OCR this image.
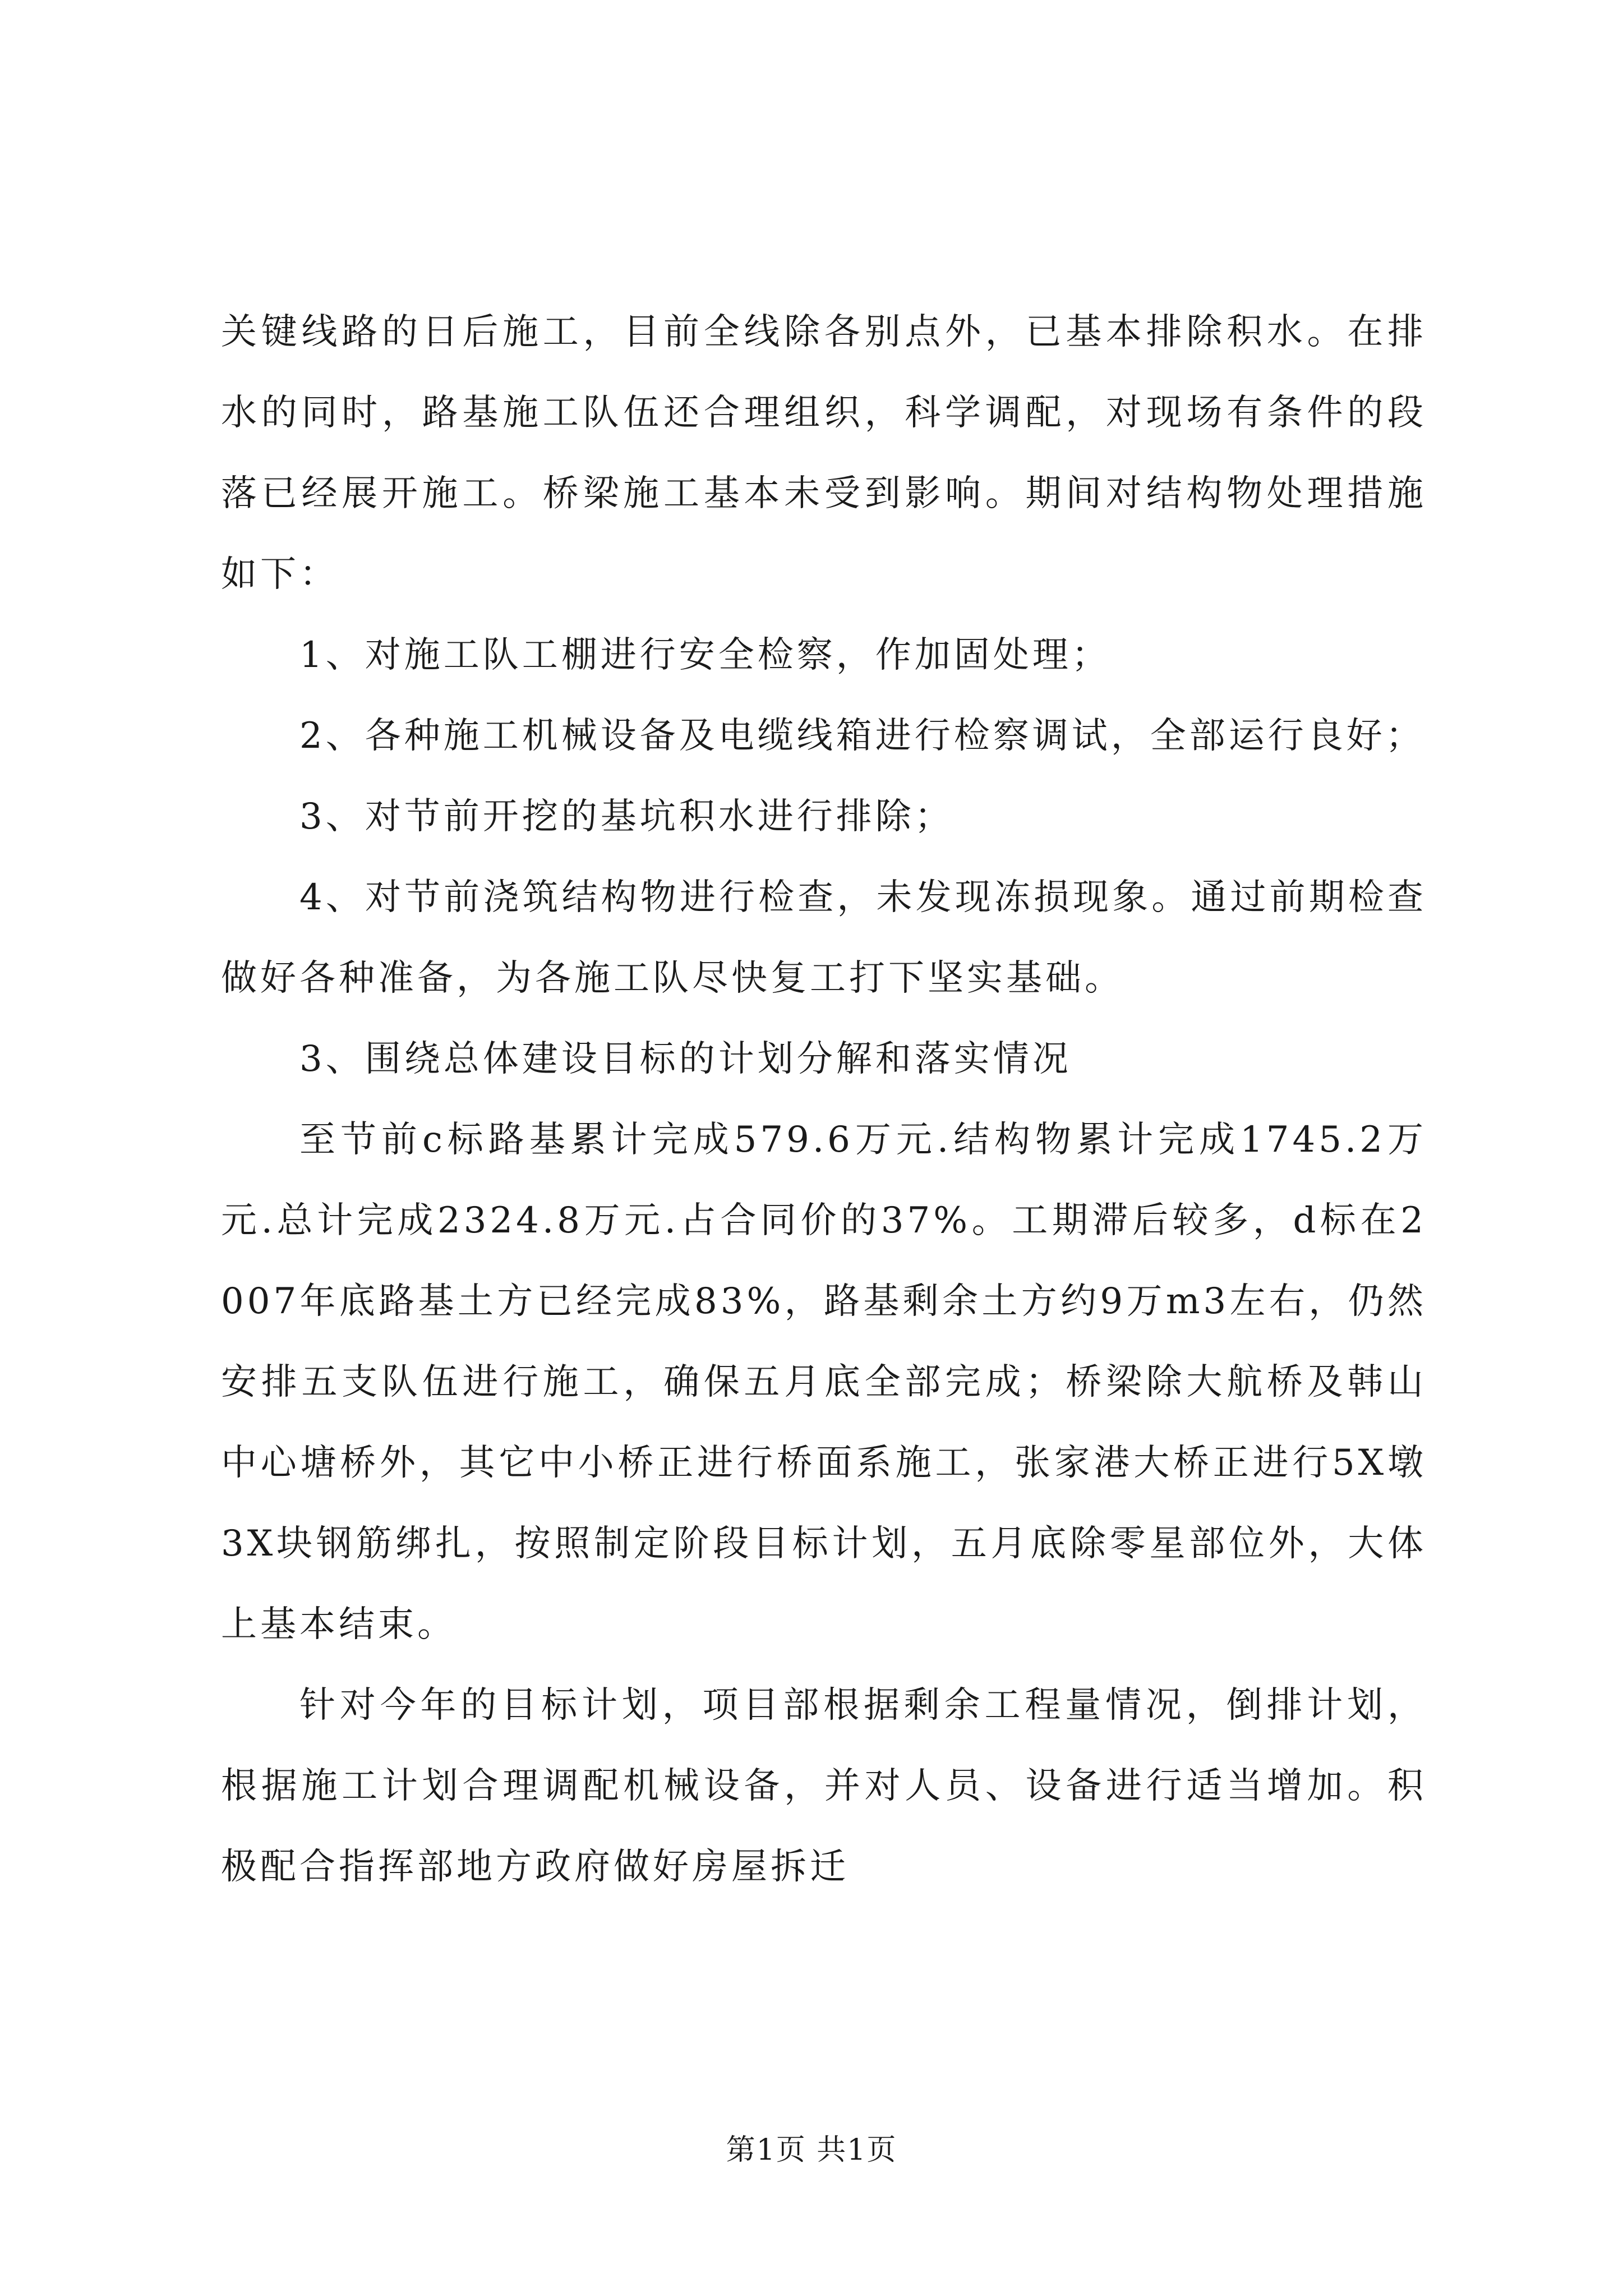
关键线路的日后施工，目前全线除各别点外，已基本排除积水。在排水的同时，路基施工队伍还合理组织，科学调配，对现场有条件的段落已经展开施工。桥梁施工基本未受到影响。期间对结构物处理措施如下：

1、对施工队工棚进行安全检察，作加固处理；

2、各种施工机械设备及电缆线箱进行检察调试，全部运行良好；

3、对节前开挖的基坑积水进行排除；

4、对节前浇筑结构物进行检查，未发现冻损现象。通过前期检查做好各种准备，为各施工队尽快复工打下坚实基础。

3、围绕总体建设目标的计划分解和落实情况

至节前c标路基累计完成579.6万元.结构物累计完成1745.2万元.总计完成2324.8万元.占合同价的37%。工期滞后较多，d标在2007年底路基土方已经完成83%，路基剩余土方约9万m3左右，仍然安排五支队伍进行施工，确保五月底全部完成；桥梁除大航桥及韩山中心塘桥外，其它中小桥正进行桥面系施工，张家港大桥正进行5X墩3X块钢筋绑扎，按照制定阶段目标计划，五月底除零星部位外，大体上基本结束。

针对今年的目标计划，项目部根据剩余工程量情况，倒排计划，根据施工计划合理调配机械设备，并对人员、设备进行适当增加。积极配合指挥部地方政府做好房屋拆迁

第1页 共1页
